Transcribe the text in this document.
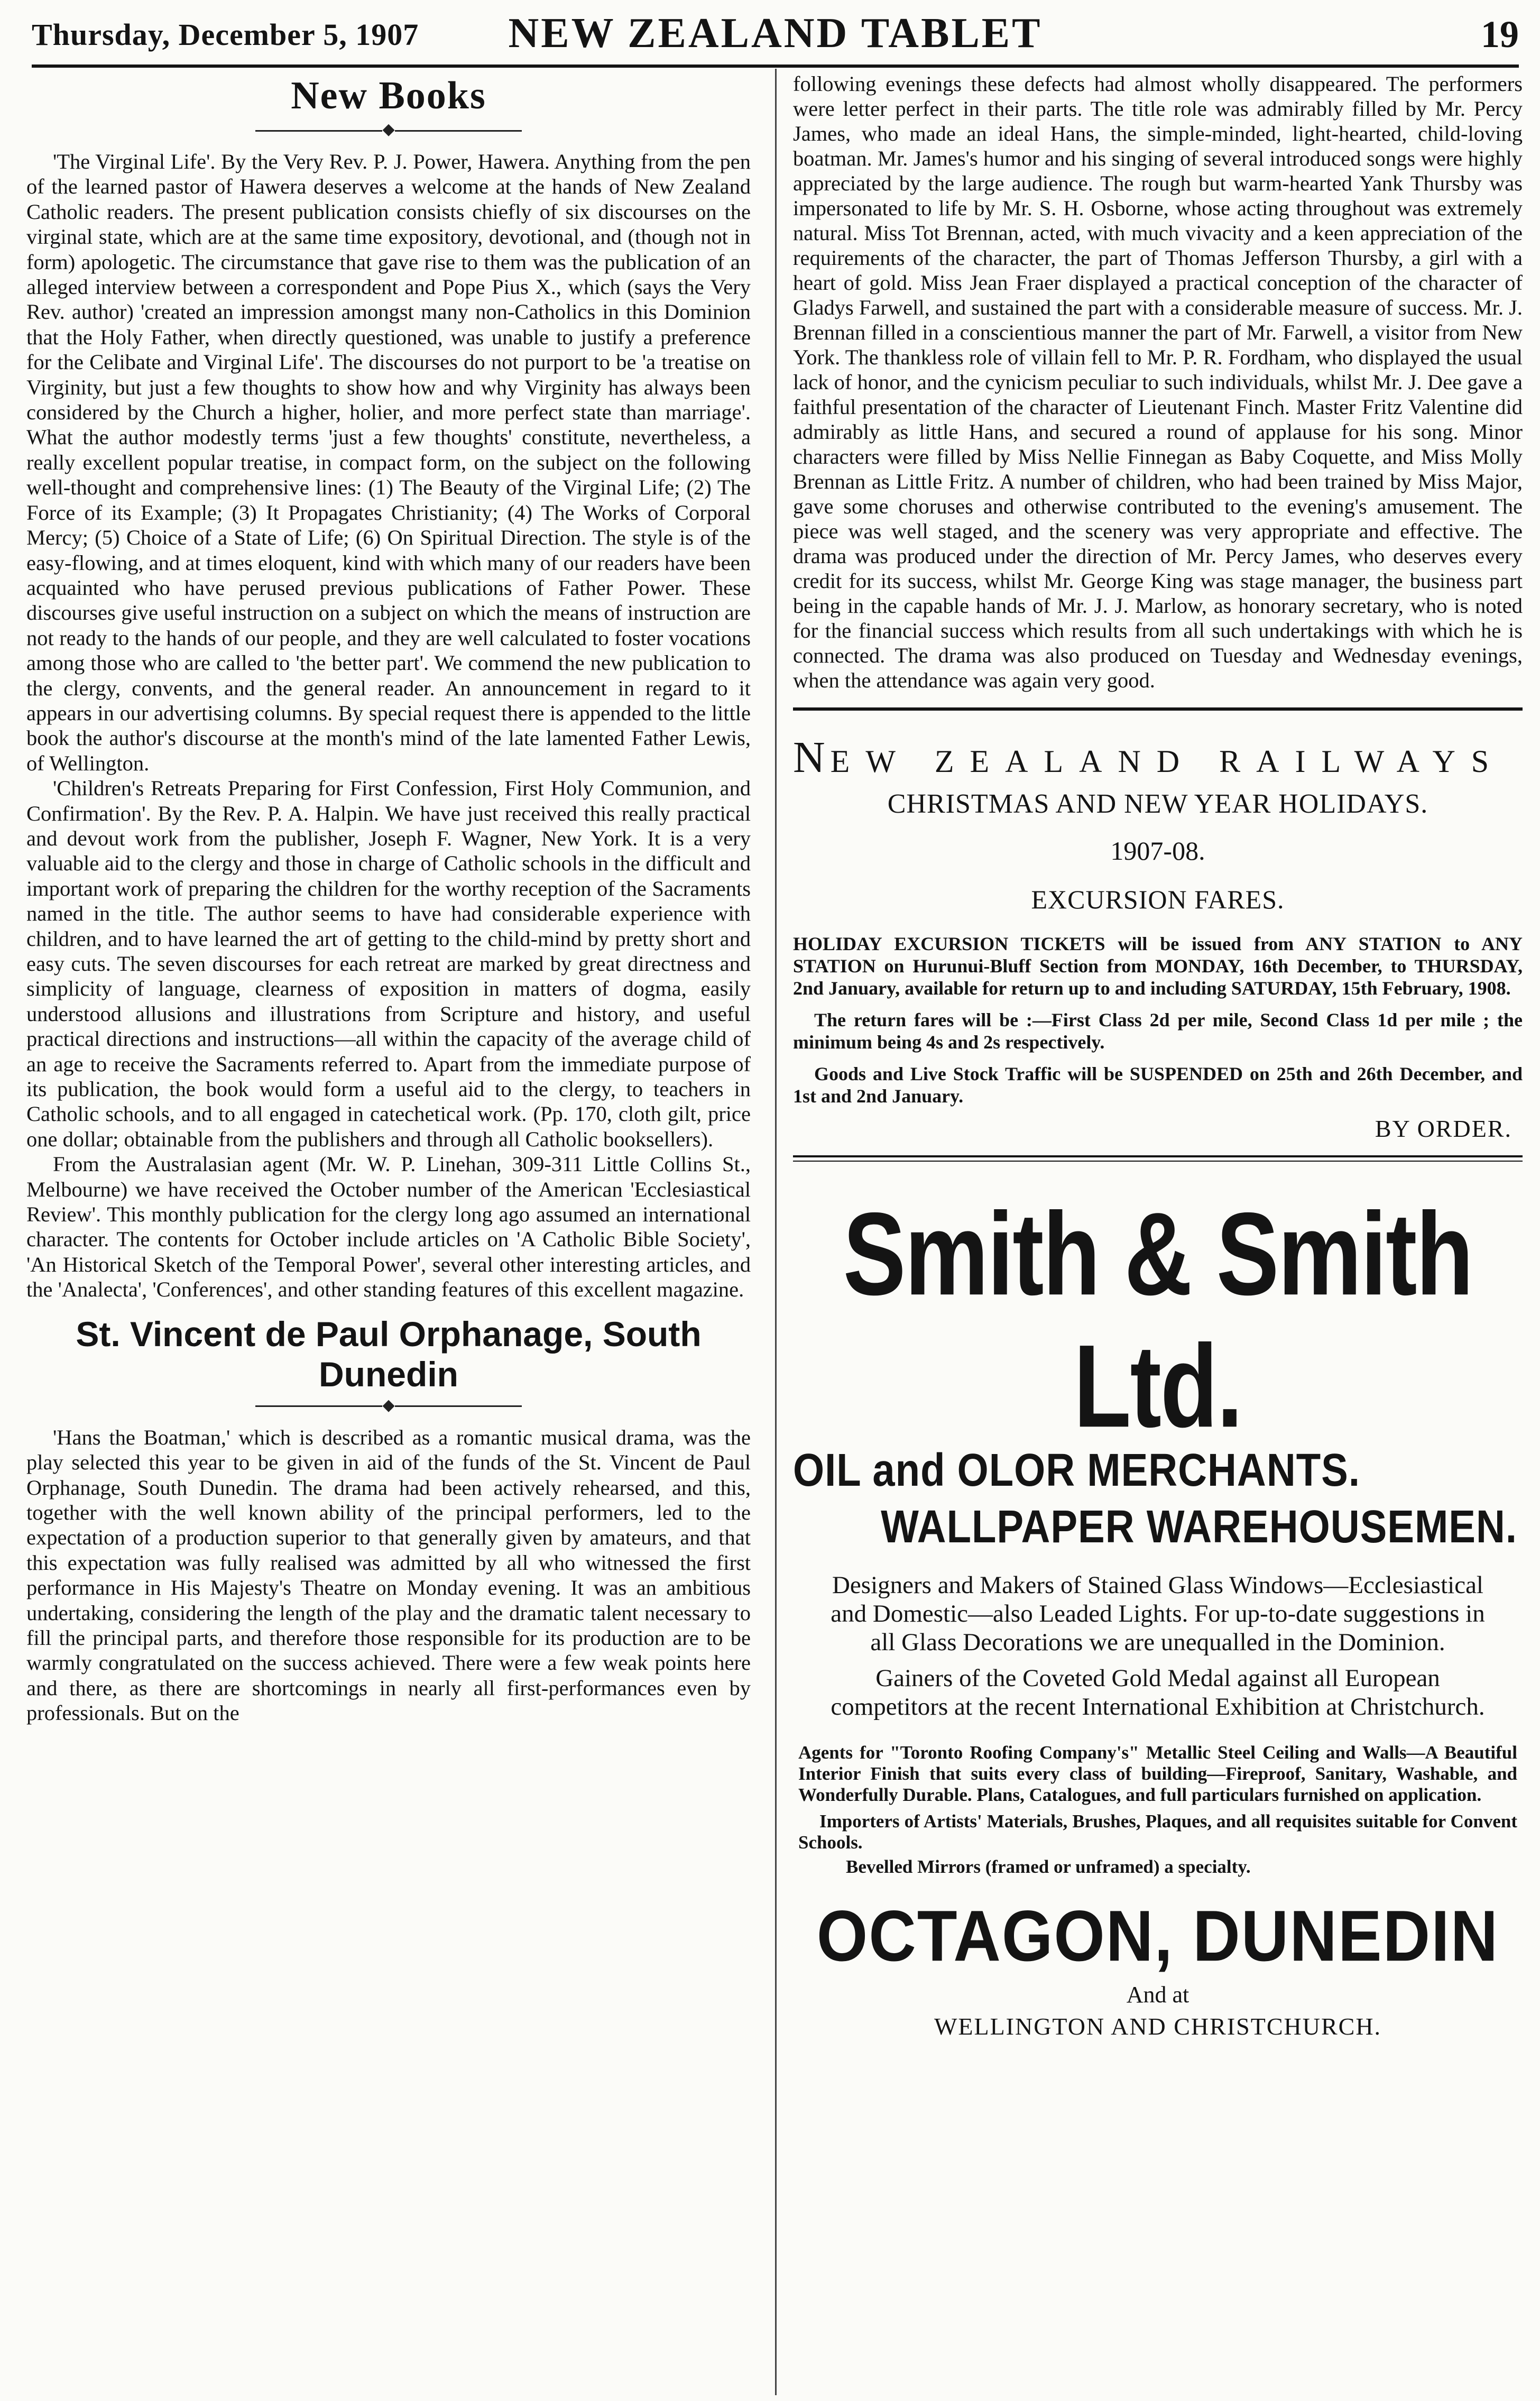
Thursday, December 5, 1907	NEW ZEALAND TABLET	19
New Books
◆

'The Virginal Life'. By the Very Rev. P. J. Power, Hawera. Anything from the pen of the learned pastor of Hawera deserves a welcome at the hands of New Zealand Catholic readers. The present publication consists chiefly of six discourses on the virginal state, which are at the same time expository, devotional, and (though not in form) apologetic. The circumstance that gave rise to them was the publication of an alleged interview between a correspondent and Pope Pius X., which (says the Very Rev. author) 'created an impression amongst many non-Catholics in this Dominion that the Holy Father, when directly questioned, was unable to justify a preference for the Celibate and Virginal Life'. The discourses do not purport to be 'a treatise on Virginity, but just a few thoughts to show how and why Virginity has always been considered by the Church a higher, holier, and more perfect state than marriage'. What the author modestly terms 'just a few thoughts' constitute, nevertheless, a really excellent popular treatise, in compact form, on the subject on the following well-thought and comprehensive lines: (1) The Beauty of the Virginal Life; (2) The Force of its Example; (3) It Propagates Christianity; (4) The Works of Corporal Mercy; (5) Choice of a State of Life; (6) On Spiritual Direction. The style is of the easy-flowing, and at times eloquent, kind with which many of our readers have been acquainted who have perused previous publications of Father Power. These discourses give useful instruction on a subject on which the means of instruction are not ready to the hands of our people, and they are well calculated to foster vocations among those who are called to 'the better part'. We commend the new publication to the clergy, convents, and the general reader. An announcement in regard to it appears in our advertising columns. By special request there is appended to the little book the author's discourse at the month's mind of the late lamented Father Lewis, of Wellington.

'Children's Retreats Preparing for First Confession, First Holy Communion, and Confirmation'. By the Rev. P. A. Halpin. We have just received this really practical and devout work from the publisher, Joseph F. Wagner, New York. It is a very valuable aid to the clergy and those in charge of Catholic schools in the difficult and important work of preparing the children for the worthy reception of the Sacraments named in the title. The author seems to have had considerable experience with children, and to have learned the art of getting to the child-mind by pretty short and easy cuts. The seven discourses for each retreat are marked by great directness and simplicity of language, clearness of exposition in matters of dogma, easily understood allusions and illustrations from Scripture and history, and useful practical directions and instructions—all within the capacity of the average child of an age to receive the Sacraments referred to. Apart from the immediate purpose of its publication, the book would form a useful aid to the clergy, to teachers in Catholic schools, and to all engaged in catechetical work. (Pp. 170, cloth gilt, price one dollar; obtainable from the publishers and through all Catholic booksellers).

From the Australasian agent (Mr. W. P. Linehan, 309-311 Little Collins St., Melbourne) we have received the October number of the American 'Ecclesiastical Review'. This monthly publication for the clergy long ago assumed an international character. The contents for October include articles on 'A Catholic Bible Society', 'An Historical Sketch of the Temporal Power', several other interesting articles, and the 'Analecta', 'Conferences', and other standing features of this excellent magazine.

St. Vincent de Paul Orphanage, South Dunedin
◆

'Hans the Boatman,' which is described as a romantic musical drama, was the play selected this year to be given in aid of the funds of the St. Vincent de Paul Orphanage, South Dunedin. The drama had been actively rehearsed, and this, together with the well known ability of the principal performers, led to the expectation of a production superior to that generally given by amateurs, and that this expectation was fully realised was admitted by all who witnessed the first performance in His Majesty's Theatre on Monday evening. It was an ambitious undertaking, considering the length of the play and the dramatic talent necessary to fill the principal parts, and therefore those responsible for its production are to be warmly congratulated on the success achieved. There were a few weak points here and there, as there are shortcomings in nearly all first-performances even by professionals. But on the

following evenings these defects had almost wholly disappeared. The performers were letter perfect in their parts. The title role was admirably filled by Mr. Percy James, who made an ideal Hans, the simple-minded, light-hearted, child-loving boatman. Mr. James's humor and his singing of several introduced songs were highly appreciated by the large audience. The rough but warm-hearted Yank Thursby was impersonated to life by Mr. S. H. Osborne, whose acting throughout was extremely natural. Miss Tot Brennan, acted, with much vivacity and a keen appreciation of the requirements of the character, the part of Thomas Jefferson Thursby, a girl with a heart of gold. Miss Jean Fraer displayed a practical conception of the character of Gladys Farwell, and sustained the part with a considerable measure of success. Mr. J. Brennan filled in a conscientious manner the part of Mr. Farwell, a visitor from New York. The thankless role of villain fell to Mr. P. R. Fordham, who displayed the usual lack of honor, and the cynicism peculiar to such individuals, whilst Mr. J. Dee gave a faithful presentation of the character of Lieutenant Finch. Master Fritz Valentine did admirably as little Hans, and secured a round of applause for his song. Minor characters were filled by Miss Nellie Finnegan as Baby Coquette, and Miss Molly Brennan as Little Fritz. A number of children, who had been trained by Miss Major, gave some choruses and otherwise contributed to the evening's amusement. The piece was well staged, and the scenery was very appropriate and effective. The drama was produced under the direction of Mr. Percy James, who deserves every credit for its success, whilst Mr. George King was stage manager, the business part being in the capable hands of Mr. J. J. Marlow, as honorary secretary, who is noted for the financial success which results from all such undertakings with which he is connected. The drama was also produced on Tuesday and Wednesday evenings, when the attendance was again very good.

NEW ZEALAND RAILWAYS
CHRISTMAS AND NEW YEAR HOLIDAYS.
1907-08.
EXCURSION FARES.

HOLIDAY EXCURSION TICKETS will be issued from ANY STATION to ANY STATION on Hurunui-Bluff Section from MONDAY, 16th December, to THURSDAY, 2nd January, available for return up to and including SATURDAY, 15th February, 1908.

The return fares will be :—First Class 2d per mile, Second Class 1d per mile ; the minimum being 4s and 2s respectively.

Goods and Live Stock Traffic will be SUSPENDED on 25th and 26th December, and 1st and 2nd January.

BY ORDER.
Smith & Smith Ltd.
OIL and OLOR MERCHANTS.
WALLPAPER WAREHOUSEMEN.

Designers and Makers of Stained Glass Windows—Ecclesiastical and Domestic—also Leaded Lights. For up-to-date suggestions in all Glass Decorations we are unequalled in the Dominion.

Gainers of the Coveted Gold Medal against all European competitors at the recent International Exhibition at Christchurch.

Agents for "Toronto Roofing Company's" Metallic Steel Ceiling and Walls—A Beautiful Interior Finish that suits every class of building—Fireproof, Sanitary, Washable, and Wonderfully Durable. Plans, Catalogues, and full particulars furnished on application.

Importers of Artists' Materials, Brushes, Plaques, and all requisites suitable for Convent Schools.

Bevelled Mirrors (framed or unframed) a specialty.
OCTAGON, DUNEDIN
And at
WELLINGTON AND CHRISTCHURCH.
